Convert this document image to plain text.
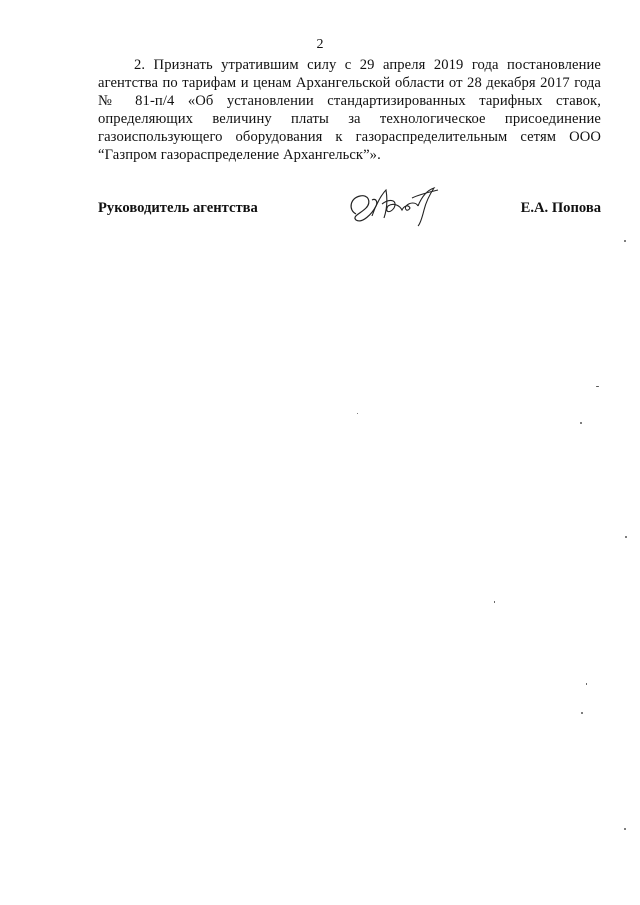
2

2. Признать утратившим силу с 29 апреля 2019 года постановление агентства по тарифам и ценам Архангельской области от 28 декабря 2017 года № 81-п/4 «Об установлении стандартизированных тарифных ставок, определяющих величину платы за технологическое присоединение газоиспользующего оборудования к газораспределительным сетям ООО “Газпром газораспределение Архангельск”».

Руководитель агентства	Е.А. Попова
